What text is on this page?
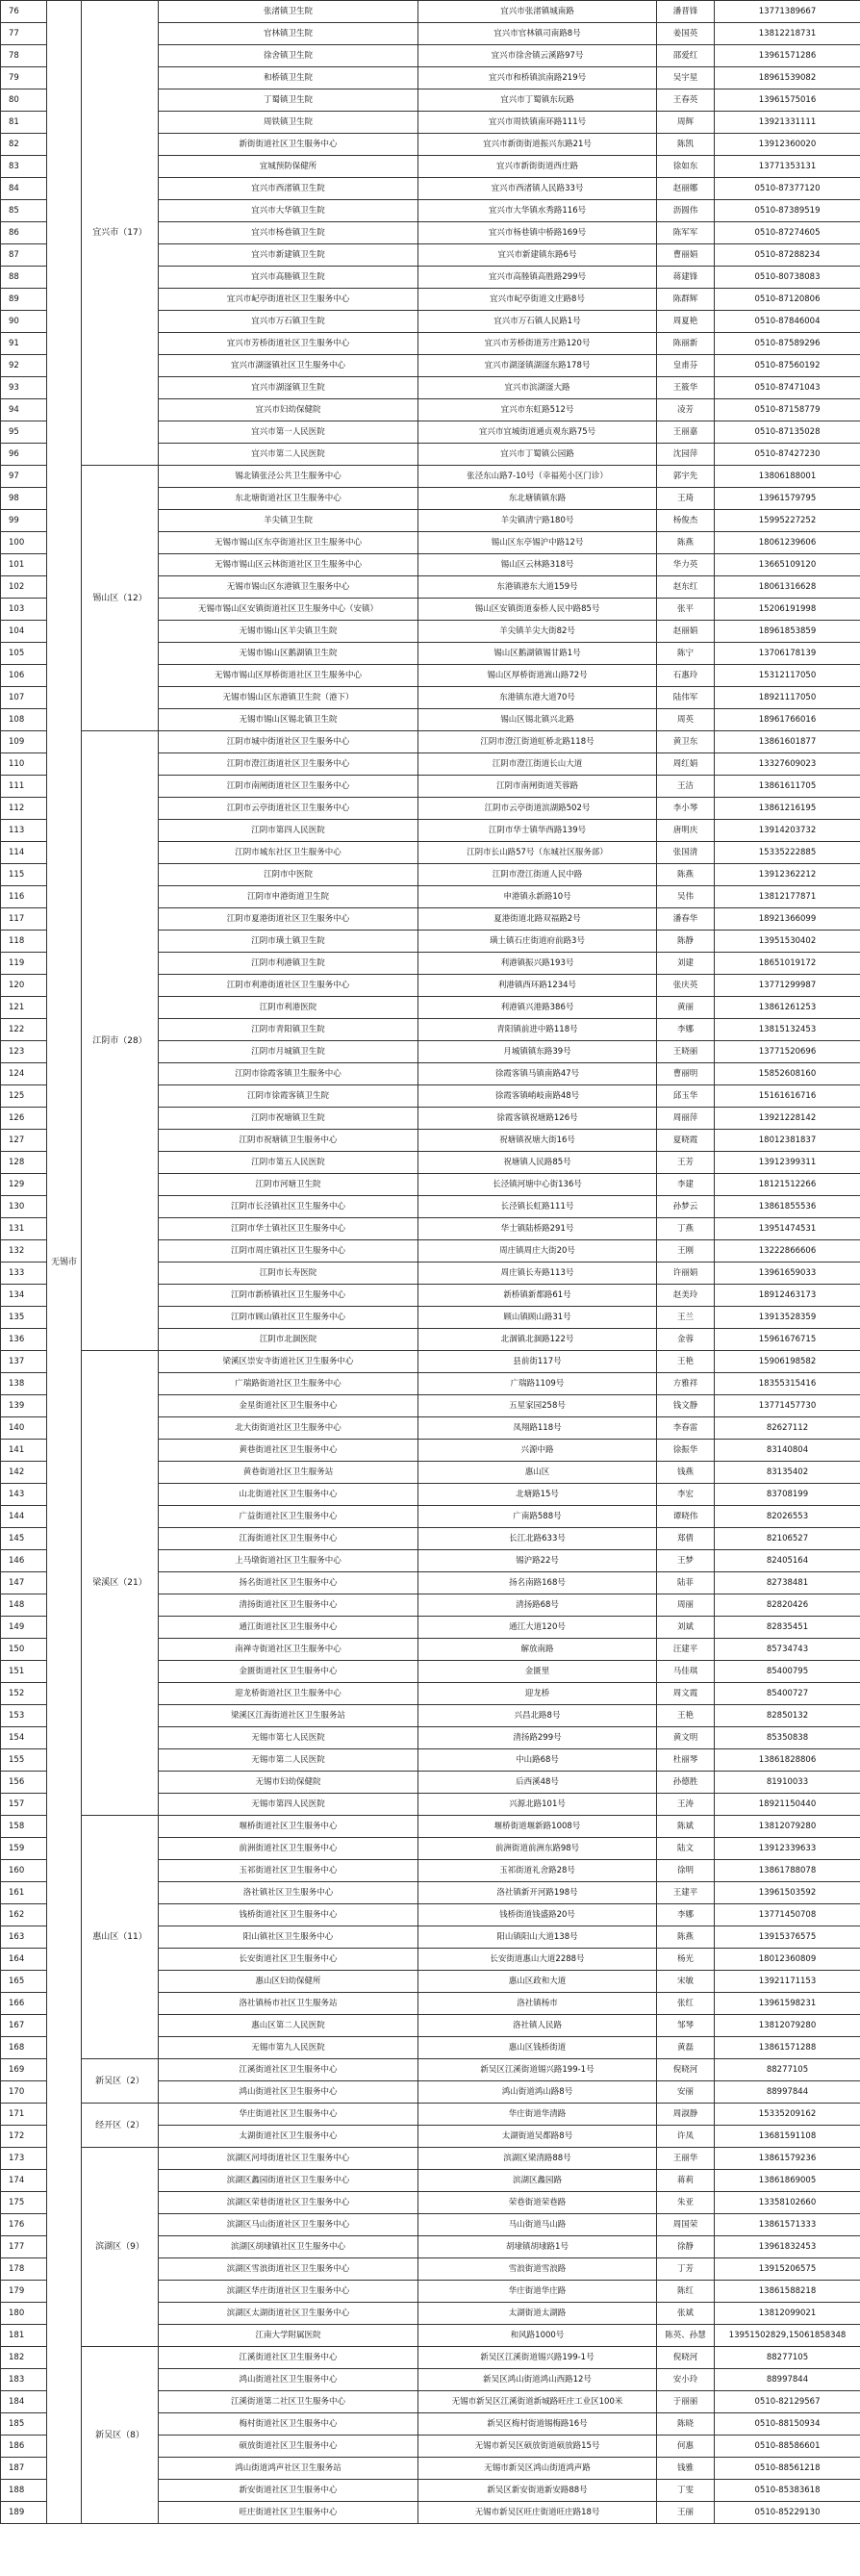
76	无锡市	宜兴市（17）	张渚镇卫生院	宜兴市张渚镇城南路	潘晋锋	13771389667
77			官林镇卫生院	宜兴市官林镇司南路8号	姜国英	13812218731
78			徐舍镇卫生院	宜兴市徐舍镇云溪路97号	邵爱红	13961571286
79			和桥镇卫生院	宜兴市和桥镇滨南路219号	吴宇星	18961539082
80			丁蜀镇卫生院	宜兴市丁蜀镇东玩路	王春英	13961575016
81			周铁镇卫生院	宜兴市周铁镇南环路111号	周辉	13921331111
82			新街街道社区卫生服务中心	宜兴市新街街道振兴东路21号	陈凯	13912360020
83			宜城预防保健所	宜兴市新街街道西庄路	徐如东	13771353131
84			宜兴市西渚镇卫生院	宜兴市西渚镇人民路33号	赵丽娜	0510-87377120
85			宜兴市大华镇卫生院	宜兴市大华镇水秀路116号	沥圆伟	0510-87389519
86			宜兴市杨巷镇卫生院	宜兴市杨巷镇中桥路169号	陈军军	0510-87274605
87			宜兴市新建镇卫生院	宜兴市新建镇东路6号	曹丽娟	0510-87288234
88			宜兴市高塍镇卫生院	宜兴市高塍镇高胜路299号	蒋建锋	0510-80738083
89			宜兴市屺亭街道社区卫生服务中心	宜兴市屺亭街道文庄路8号	陈群辉	0510-87120806
90			宜兴市万石镇卫生院	宜兴市万石镇人民路1号	周夏艳	0510-87846004
91			宜兴市芳桥街道社区卫生服务中心	宜兴市芳桥街道芳庄路120号	陈丽新	0510-87589296
92			宜兴市湖滏镇社区卫生服务中心	宜兴市湖滏镇湖滏东路178号	皇甫芬	0510-87560192
93			宜兴市湖滏镇卫生院	宜兴市滨湖滏大路	王筱华	0510-87471043
94			宜兴市妇幼保健院	宜兴市东虹路512号	凌芳	0510-87158779
95			宜兴市第一人民医院	宜兴市宜城街道通贞观东路75号	王丽嘉	0510-87135028
96			宜兴市第二人民医院	宜兴市丁蜀镇公园路	沈园萍	0510-87427230
97		锡山区（12）	锡北镇张泾公共卫生服务中心	张泾东山路7-10号（幸福苑小区门诊）	郭宇先	13806188001
98			东北塘街道社区卫生服务中心	东北塘镇镇东路	王琦	13961579795
99			羊尖镇卫生院	羊尖镇清宁路180号	杨俊杰	15995227252
100			无锡市锡山区东亭街道社区卫生服务中心	锡山区东亭锡沪中路12号	陈燕	18061239606
101			无锡市锡山区云林街道社区卫生服务中心	锡山区云林路318号	华力英	13665109120
102			无锡市锡山区东港镇卫生服务中心	东港镇港东大道159号	赵东红	18061316628
103			无锡市锡山区安镇街道社区卫生服务中心（安镇）	锡山区安镇街道泰桥人民中路85号	张平	15206191998
104			无锡市锡山区羊尖镇卫生院	羊尖镇羊尖大街82号	赵丽娟	18961853859
105			无锡市锡山区鹅湖镇卫生院	锡山区鹅湖镇锡甘路1号	陈宁	13706178139
106			无锡市锡山区厚桥街道社区卫生服务中心	锡山区厚桥街道嵩山路72号	石惠玲	15312117050
107			无锡市锡山区东港镇卫生院（港下）	东港镇东港大道70号	陆伟军	18921117050
108			无锡市锡山区锡北镇卫生院	锡山区锡北镇兴北路	周英	18961766016
109		江阴市（28）	江阴市城中街道社区卫生服务中心	江阴市澄江街道虹桥北路118号	黄卫东	13861601877
110			江阴市澄江街道社区卫生服务中心	江阴市澄江街道长山大道	周红娟	13327609023
111			江阴市南闸街道社区卫生服务中心	江阴市南闸街道芙蓉路	王洁	13861611705
112			江阴市云亭街道社区卫生服务中心	江阴市云亭街道滨湖路502号	李小琴	13861216195
113			江阴市第四人民医院	江阴市华士镇华西路139号	唐明庆	13914203732
114			江阴市城东社区卫生服务中心	江阴市长山路57号（东城社区服务部）	张国清	15335222885
115			江阴市中医院	江阴市澄江街道人民中路	陈燕	13912362212
116			江阴市申港街道卫生院	申港镇永新路10号	吴伟	13812177871
117			江阴市夏港街道社区卫生服务中心	夏港街道北路双福路2号	潘春华	18921366099
118			江阴市璜土镇卫生院	璜土镇石庄街道府前路3号	陈静	13951530402
119			江阴市利港镇卫生院	利港镇振兴路193号	刘建	18651019172
120			江阴市利港街道社区卫生服务中心	利港镇西环路1234号	张庆英	13771299987
121			江阴市利港医院	利港镇兴港路386号	黄丽	13861261253
122			江阴市青阳镇卫生院	青阳镇前进中路118号	李娜	13815132453
123			江阴市月城镇卫生院	月城镇镇东路39号	王晓丽	13771520696
124			江阴市徐霞客镇卫生服务中心	徐霞客镇马镇南路47号	曹丽明	15852608160
125			江阴市徐霞客镇卫生院	徐霞客镇峭岐南路48号	邱玉华	15161616716
126			江阴市祝塘镇卫生院	徐霞客镇祝塘路126号	周丽萍	13921228142
127			江阴市祝塘镇卫生服务中心	祝塘镇祝塘大街16号	夏晓霞	18012381837
128			江阴市第五人民医院	祝塘镇人民路85号	王芳	13912399311
129			江阴市河塘卫生院	长泾镇河塘中心街136号	李建	18121512266
130			江阴市长泾镇社区卫生服务中心	长泾镇长虹路111号	孙梦云	13861855536
131			江阴市华士镇社区卫生服务中心	华士镇陆桥路291号	丁燕	13951474531
132			江阴市周庄镇社区卫生服务中心	周庄镇周庄大街20号	王刚	13222866606
133			江阴市长寿医院	周庄镇长寿路113号	许丽娟	13961659033
134			江阴市新桥镇社区卫生服务中心	新桥镇新都路61号	赵美玲	18912463173
135			江阴市顾山镇社区卫生服务中心	顾山镇顾山路31号	王兰	13913528359
136			江阴市北涸医院	北涸镇北涸路122号	金蓉	15961676715
137		梁溪区（21）	梁溪区崇安寺街道社区卫生服务中心	县前街117号	王艳	15906198582
138			广瑞路街道社区卫生服务中心	广瑞路1109号	方雅祥	18355315416
139			金星街道社区卫生服务中心	五星家园258号	钱文静	13771457730
140			北大街街道社区卫生服务中心	凤翔路118号	李春雷	82627112
141			黄巷街道社区卫生服务中心	兴源中路	徐振华	83140804
142			黄巷街道社区卫生服务站	惠山区	钱燕	83135402
143			山北街道社区卫生服务中心	北塘路15号	李宏	83708199
144			广益街道社区卫生服务中心	广南路588号	谭晓伟	82026553
145			江海街道社区卫生服务中心	长江北路633号	郑倩	82106527
146			上马墩街道社区卫生服务中心	锡沪路22号	王梦	82405164
147			扬名街道社区卫生服务中心	扬名南路168号	陆菲	82738481
148			清扬街道社区卫生服务中心	清扬路68号	周丽	82820426
149			通江街道社区卫生服务中心	通江大道120号	刘斌	82835451
150			南禅寺街道社区卫生服务中心	解放南路	汪建平	85734743
151			金匮街道社区卫生服务中心	金匮里	马佳琪	85400795
152			迎龙桥街道社区卫生服务中心	迎龙桥	周文霞	85400727
153			梁溪区江海街道社区卫生服务站	兴昌北路8号	王艳	82850132
154			无锡市第七人民医院	清扬路299号	黄文明	85350838
155			无锡市第二人民医院	中山路68号	杜丽琴	13861828806
156			无锡市妇幼保健院	后西溪48号	孙德胜	81910033
157			无锡市第四人民医院	兴源北路101号	王涛	18921150440
158		惠山区（11）	堰桥街道社区卫生服务中心	堰桥街道堰新路1008号	陈斌	13812079280
159			前洲街道社区卫生服务中心	前洲街道前洲东路98号	陆文	13912339633
160			玉祁街道社区卫生服务中心	玉祁街道礼舍路28号	徐明	13861788078
161			洛社镇社区卫生服务中心	洛社镇新开河路198号	王建平	13961503592
162			钱桥街道社区卫生服务中心	钱桥街道钱盛路20号	李娜	13771450708
163			阳山镇社区卫生服务中心	阳山镇阳山大道138号	陈燕	13915376575
164			长安街道社区卫生服务中心	长安街道惠山大道2288号	杨光	18012360809
165			惠山区妇幼保健所	惠山区政和大道	宋敏	13921171153
166			洛社镇杨市社区卫生服务站	洛社镇杨市	张红	13961598231
167			惠山区第二人民医院	洛社镇人民路	邹琴	13812079280
168			无锡市第九人民医院	惠山区钱桥街道	黄磊	13861571288
169		新吴区（2）	江溪街道社区卫生服务中心	新吴区江溪街道锡兴路199-1号	倪晓河	88277105
170			鸿山街道社区卫生服务中心	鸿山街道鸿山路8号	安丽	88997844
171		经开区（2）	华庄街道社区卫生服务中心	华庄街道华清路	周淑静	15335209162
172			太湖街道社区卫生服务中心	太湖街道吴都路8号	许凤	13681591108
173		滨湖区（9）	滨湖区河埒街道社区卫生服务中心	滨湖区梁清路88号	王丽华	13861579236
174			滨湖区蠡园街道社区卫生服务中心	滨湖区蠡园路	蒋莉	13861869005
175			滨湖区荣巷街道社区卫生服务中心	荣巷街道荣巷路	朱亚	13358102660
176			滨湖区马山街道社区卫生服务中心	马山街道马山路	周国荣	13861571333
177			滨湖区胡埭镇社区卫生服务中心	胡埭镇胡埭路1号	徐静	13961832453
178			滨湖区雪浪街道社区卫生服务中心	雪浪街道雪浪路	丁芳	13915206575
179			滨湖区华庄街道社区卫生服务中心	华庄街道华庄路	陈红	13861588218
180			滨湖区太湖街道社区卫生服务中心	太湖街道太湖路	张斌	13812099021
181			江南大学附属医院	和风路1000号	陈英、孙慧	13951502829,15061858348
182		新吴区（8）	江溪街道社区卫生服务中心	新吴区江溪街道锡兴路199-1号	倪晓河	88277105
183			鸿山街道社区卫生服务中心	新吴区鸿山街道鸿山西路12号	安小玲	88997844
184			江溪街道第二社区卫生服务中心	无锡市新吴区江溪街道新城路旺庄工业区100米	于丽丽	0510-82129567
185			梅村街道社区卫生服务中心	新吴区梅村街道锡梅路16号	陈晓	0510-88150934
186			硕放街道社区卫生服务中心	无锡市新吴区硕放街道硕放路15号	何惠	0510-88586601
187			鸿山街道鸿声社区卫生服务站	无锡市新吴区鸿山街道鸿声路	钱雅	0510-88561218
188			新安街道社区卫生服务中心	新吴区新安街道新安路88号	丁雯	0510-85383618
189			旺庄街道社区卫生服务中心	无锡市新吴区旺庄街道旺庄路18号	王丽	0510-85229130
